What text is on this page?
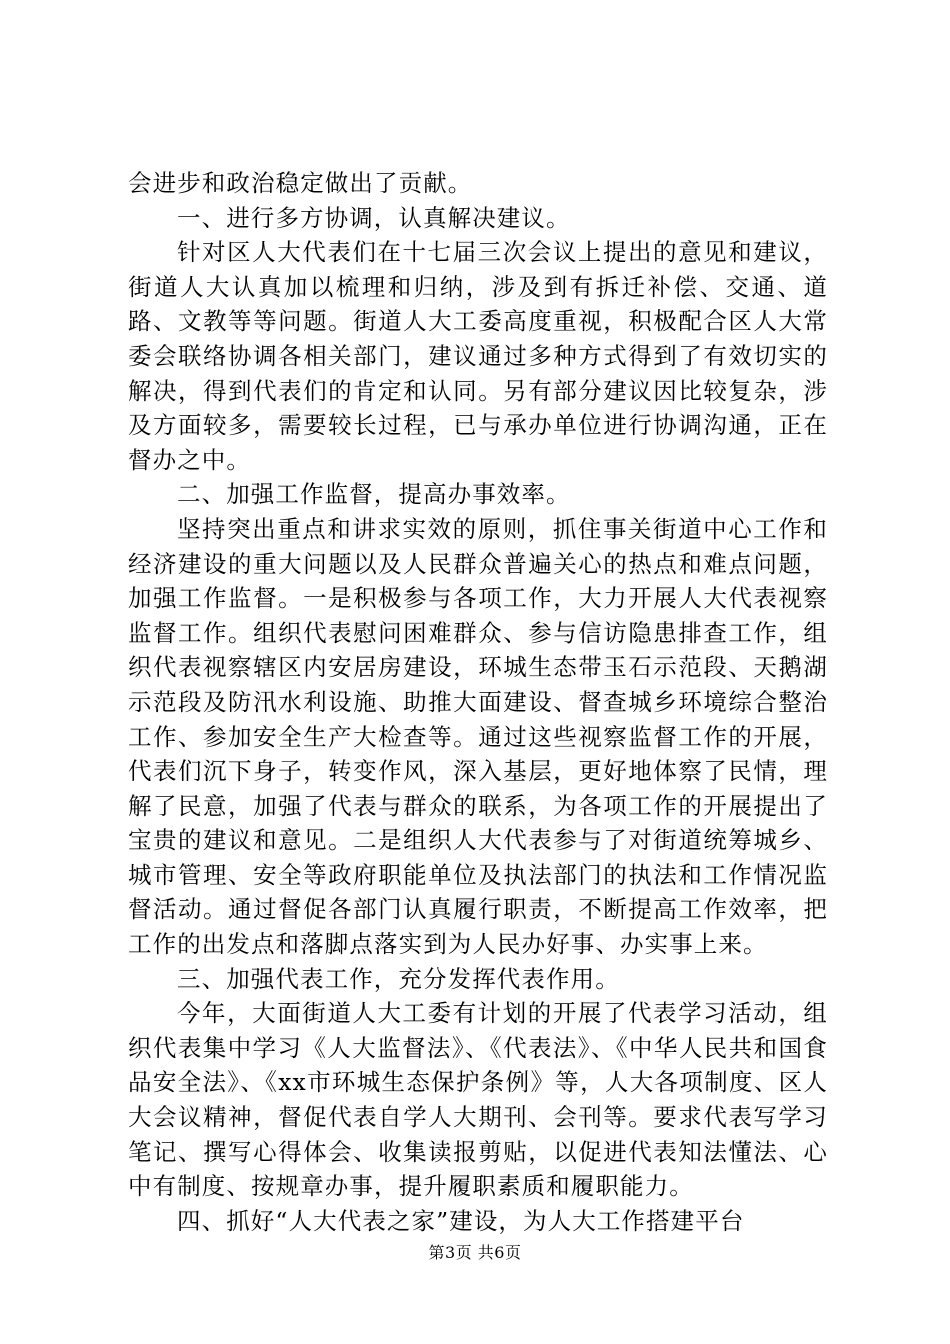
会进步和政治稳定做出了贡献。

一、进行多方协调，认真解决建议。

针对区人大代表们在十七届三次会议上提出的意见和建议，街道人大认真加以梳理和归纳，涉及到有拆迁补偿、交通、道路、文教等等问题。街道人大工委高度重视，积极配合区人大常委会联络协调各相关部门，建议通过多种方式得到了有效切实的解决，得到代表们的肯定和认同。另有部分建议因比较复杂，涉及方面较多，需要较长过程，已与承办单位进行协调沟通，正在督办之中。

二、加强工作监督，提高办事效率。

坚持突出重点和讲求实效的原则，抓住事关街道中心工作和经济建设的重大问题以及人民群众普遍关心的热点和难点问题，加强工作监督。一是积极参与各项工作，大力开展人大代表视察监督工作。组织代表慰问困难群众、参与信访隐患排查工作，组织代表视察辖区内安居房建设，环城生态带玉石示范段、天鹅湖示范段及防汛水利设施、助推大面建设、督查城乡环境综合整治工作、参加安全生产大检查等。通过这些视察监督工作的开展，代表们沉下身子，转变作风，深入基层，更好地体察了民情，理解了民意，加强了代表与群众的联系，为各项工作的开展提出了宝贵的建议和意见。二是组织人大代表参与了对街道统筹城乡、城市管理、安全等政府职能单位及执法部门的执法和工作情况监督活动。通过督促各部门认真履行职责，不断提高工作效率，把工作的出发点和落脚点落实到为人民办好事、办实事上来。

三、加强代表工作，充分发挥代表作用。

今年，大面街道人大工委有计划的开展了代表学习活动，组织代表集中学习《人大监督法》、《代表法》、《中华人民共和国食品安全法》、《xx市环城生态保护条例》等，人大各项制度、区人大会议精神，督促代表自学人大期刊、会刊等。要求代表写学习笔记、撰写心得体会、收集读报剪贴，以促进代表知法懂法、心中有制度、按规章办事，提升履职素质和履职能力。

四、抓好“人大代表之家”建设，为人大工作搭建平台

第3页 共6页
